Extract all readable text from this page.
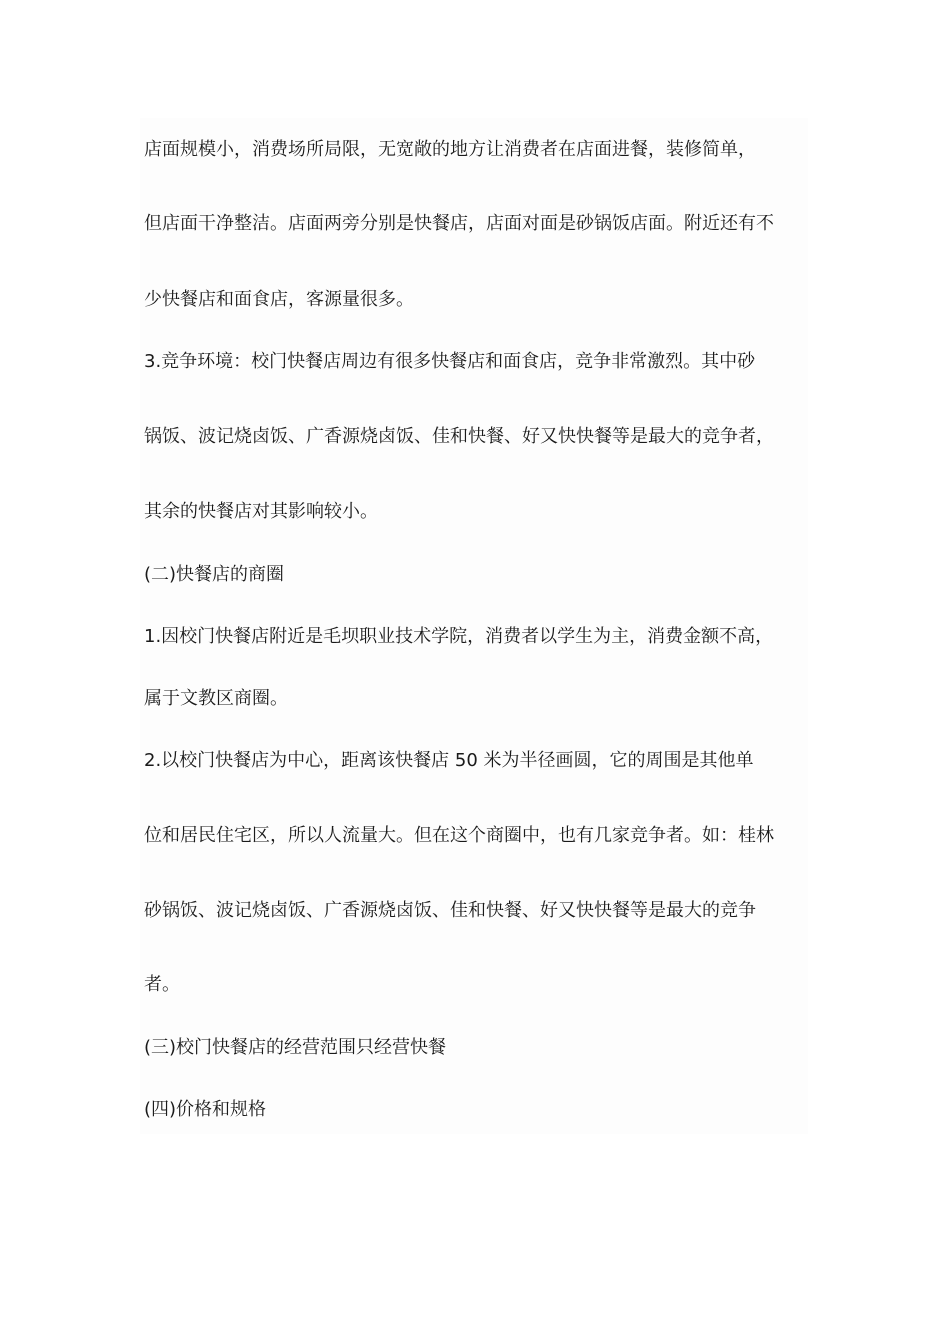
店面规模小，消费场所局限，无宽敞的地方让消费者在店面进餐，装修简单，
但店面干净整洁。店面两旁分别是快餐店，店面对面是砂锅饭店面。附近还有不
少快餐店和面食店，客源量很多。
3.竞争环境：校门快餐店周边有很多快餐店和面食店，竞争非常激烈。其中砂
锅饭、波记烧卤饭、广香源烧卤饭、佳和快餐、好又快快餐等是最大的竞争者，
其余的快餐店对其影响较小。
(二)快餐店的商圈
1.因校门快餐店附近是毛坝职业技术学院，消费者以学生为主，消费金额不高，
属于文教区商圈。
2.以校门快餐店为中心，距离该快餐店 50 米为半径画圆，它的周围是其他单
位和居民住宅区，所以人流量大。但在这个商圈中，也有几家竞争者。如：桂林
砂锅饭、波记烧卤饭、广香源烧卤饭、佳和快餐、好又快快餐等是最大的竞争
者。
(三)校门快餐店的经营范围只经营快餐
(四)价格和规格
